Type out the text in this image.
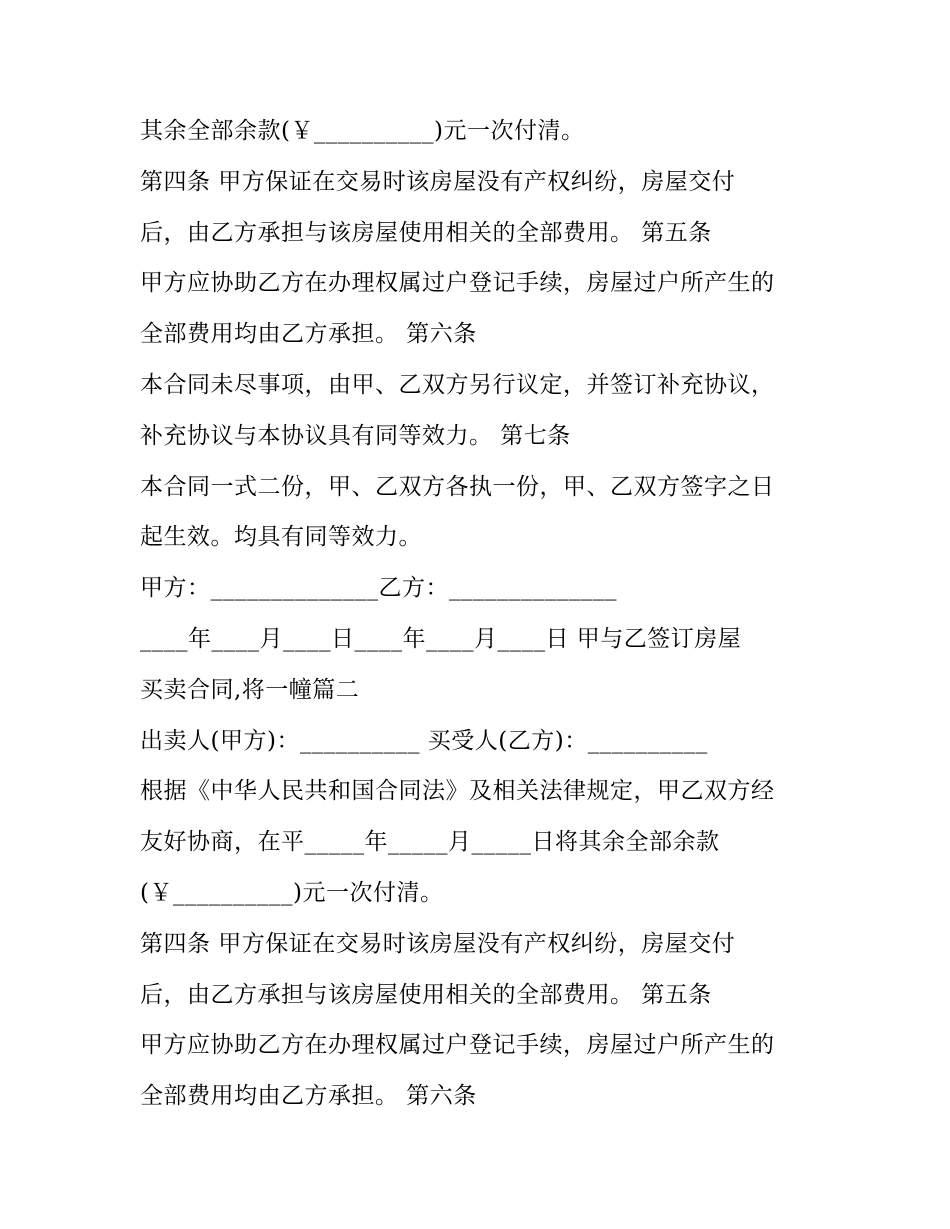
其余全部余款(￥__________)元一次付清。

第四条 甲方保证在交易时该房屋没有产权纠纷，房屋交付

后，由乙方承担与该房屋使用相关的全部费用。 第五条

甲方应协助乙方在办理权属过户登记手续，房屋过户所产生的

全部费用均由乙方承担。 第六条

本合同未尽事项，由甲、乙双方另行议定，并签订补充协议，

补充协议与本协议具有同等效力。 第七条

本合同一式二份，甲、乙双方各执一份，甲、乙双方签字之日

起生效。均具有同等效力。

甲方：______________乙方：______________

____年____月____日____年____月____日 甲与乙签订房屋

买卖合同,将一幢篇二

出卖人(甲方)：__________ 买受人(乙方)：__________

根据《中华人民共和国合同法》及相关法律规定，甲乙双方经

友好协商，在平_____年_____月_____日将其余全部余款

(￥__________)元一次付清。

第四条 甲方保证在交易时该房屋没有产权纠纷，房屋交付

后，由乙方承担与该房屋使用相关的全部费用。 第五条

甲方应协助乙方在办理权属过户登记手续，房屋过户所产生的

全部费用均由乙方承担。 第六条
